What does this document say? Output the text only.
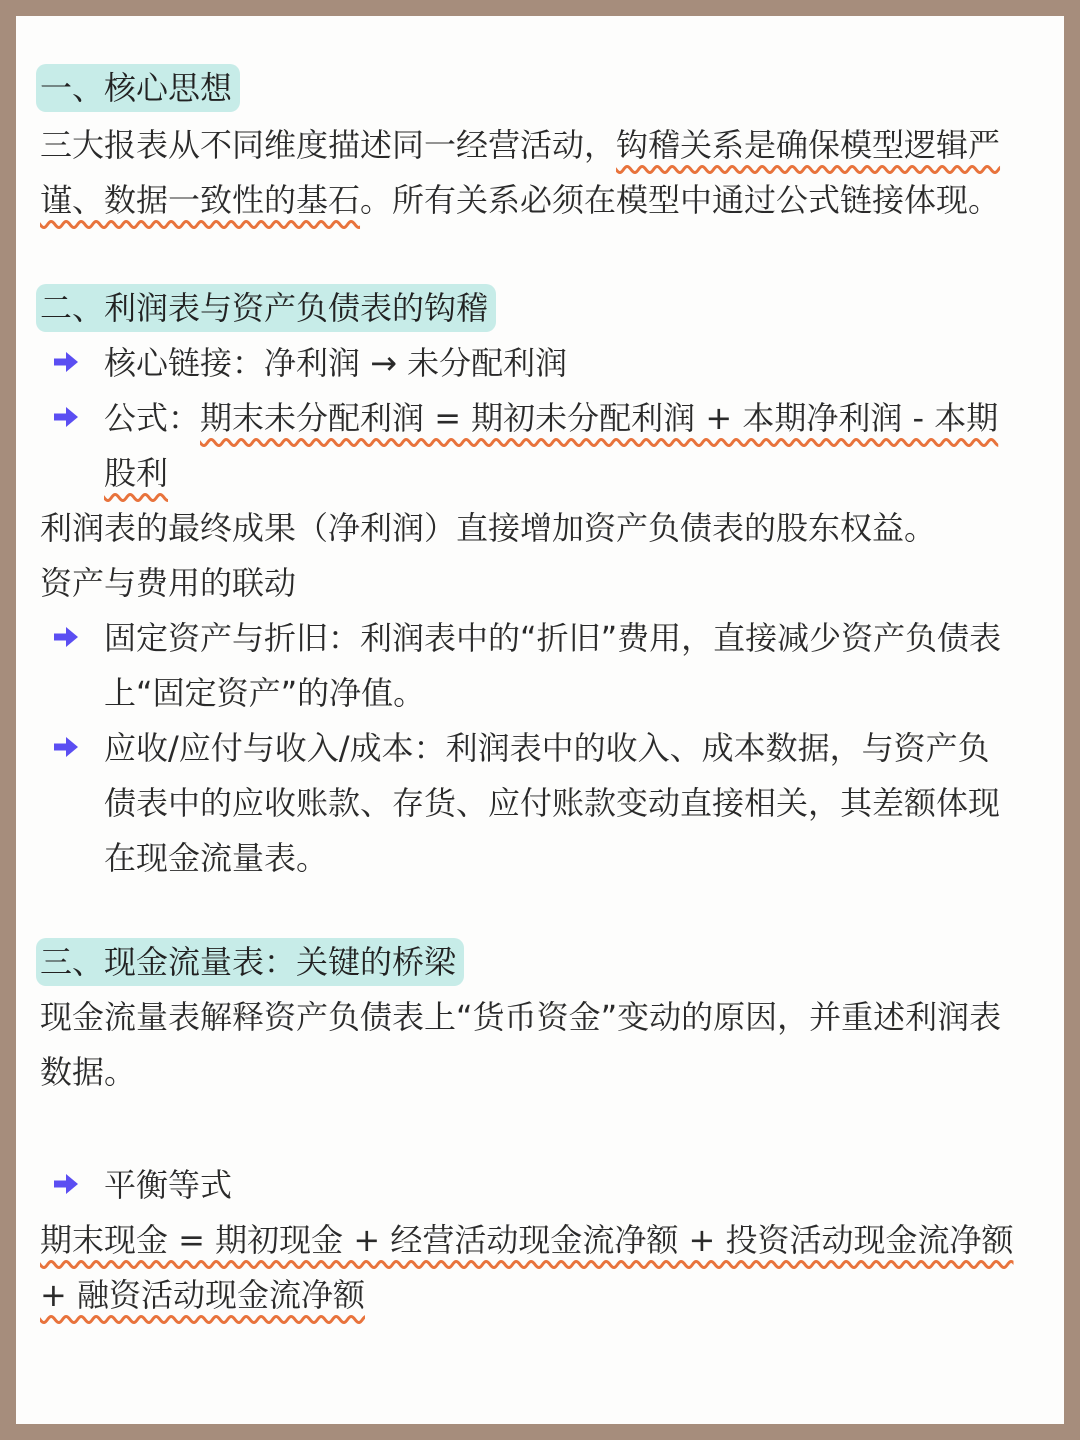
一、核心思想

三大报表从不同维度描述同一经营活动，钩稽关系是确保模型逻辑严谨、数据一致性的基石。所有关系必须在模型中通过公式链接体现。

二、利润表与资产负债表的钩稽
核心链接：净利润 → 未分配利润
公式：期末未分配利润 = 期初未分配利润 + 本期净利润 - 本期股利

利润表的最终成果（净利润）直接增加资产负债表的股东权益。

资产与费用的联动

固定资产与折旧：利润表中的“折旧”费用，直接减少资产负债表上“固定资产”的净值。
应收/应付与收入/成本：利润表中的收入、成本数据，与资产负债表中的应收账款、存货、应付账款变动直接相关，其差额体现在现金流量表。
三、现金流量表：关键的桥梁

现金流量表解释资产负债表上“货币资金”变动的原因，并重述利润表数据。

平衡等式

期末现金 = 期初现金 + 经营活动现金流净额 + 投资活动现金流净额 + 融资活动现金流净额
